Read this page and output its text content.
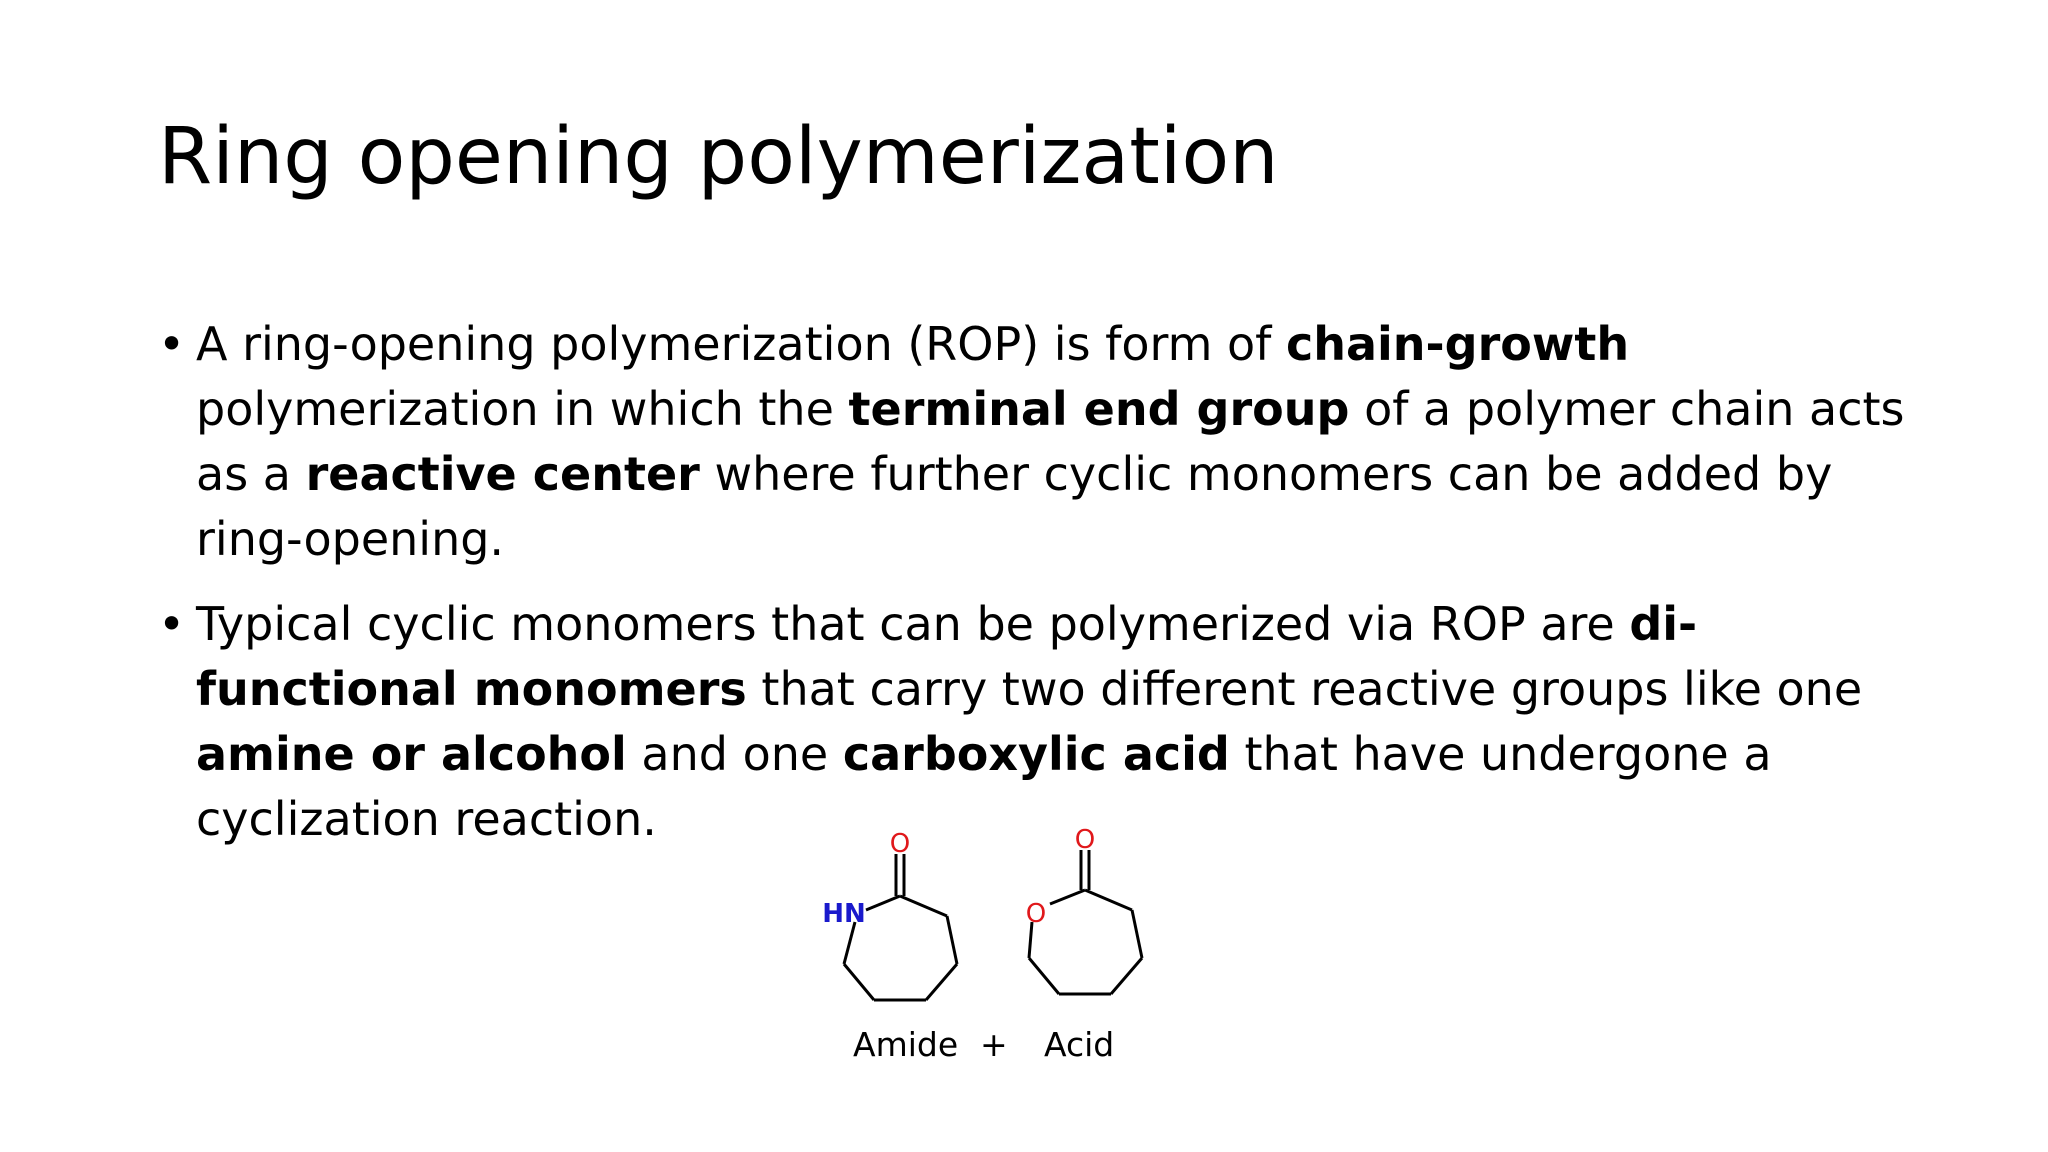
Ring opening polymerization
• A ring-opening polymerization (ROP) is form of chain-growth polymerization in which the terminal end group of a polymer chain acts as a reactive center where further cyclic monomers can be added by ring-opening.
• Typical cyclic monomers that can be polymerized via ROP are di-functional monomers that carry two different reactive groups like one amine or alcohol and one carboxylic acid that have undergone a cyclization reaction.	O
HN
O
O
Amide + Acid
